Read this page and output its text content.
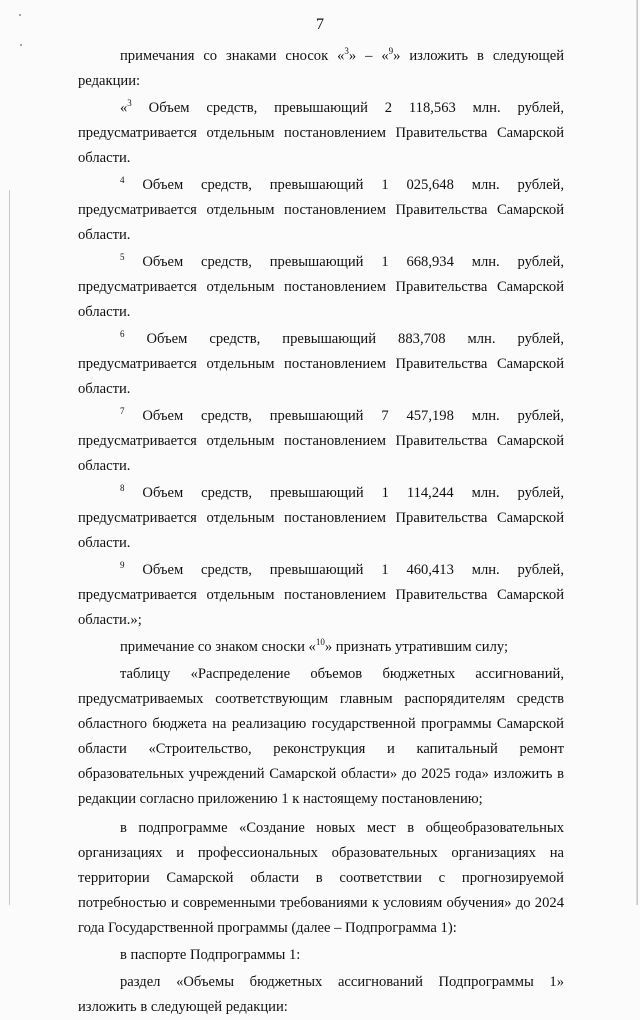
7

примечания со знаками сносок «$^3$» – «$^9$» изложить в следующей редакции:

«$^3$ Объем средств, превышающий 2 118,563 млн. рублей, предусматривается отдельным постановлением Правительства Самарской области.

$^4$ Объем средств, превышающий 1 025,648 млн. рублей, предусматривается отдельным постановлением Правительства Самарской области.

$^5$ Объем средств, превышающий 1 668,934 млн. рублей, предусматривается отдельным постановлением Правительства Самарской области.

$^6$ Объем средств, превышающий 883,708 млн. рублей, предусматривается отдельным постановлением Правительства Самарской области.

$^7$ Объем средств, превышающий 7 457,198 млн. рублей, предусматривается отдельным постановлением Правительства Самарской области.

$^8$ Объем средств, превышающий 1 114,244 млн. рублей, предусматривается отдельным постановлением Правительства Самарской области.

$^9$ Объем средств, превышающий 1 460,413 млн. рублей, предусматривается отдельным постановлением Правительства Самарской области.»;

примечание со знаком сноски «$^{10}$» признать утратившим силу;

таблицу «Распределение объемов бюджетных ассигнований, предусматриваемых соответствующим главным распорядителям средств областного бюджета на реализацию государственной программы Самарской области «Строительство, реконструкция и капитальный ремонт образовательных учреждений Самарской области» до 2025 года» изложить в редакции согласно приложению 1 к настоящему постановлению;

в подпрограмме «Создание новых мест в общеобразовательных организациях и профессиональных образовательных организациях на территории Самарской области в соответствии с прогнозируемой потребностью и современными требованиями к условиям обучения» до 2024 года Государственной программы (далее – Подпрограмма 1):

в паспорте Подпрограммы 1:

раздел «Объемы бюджетных ассигнований Подпрограммы 1» изложить в следующей редакции:
